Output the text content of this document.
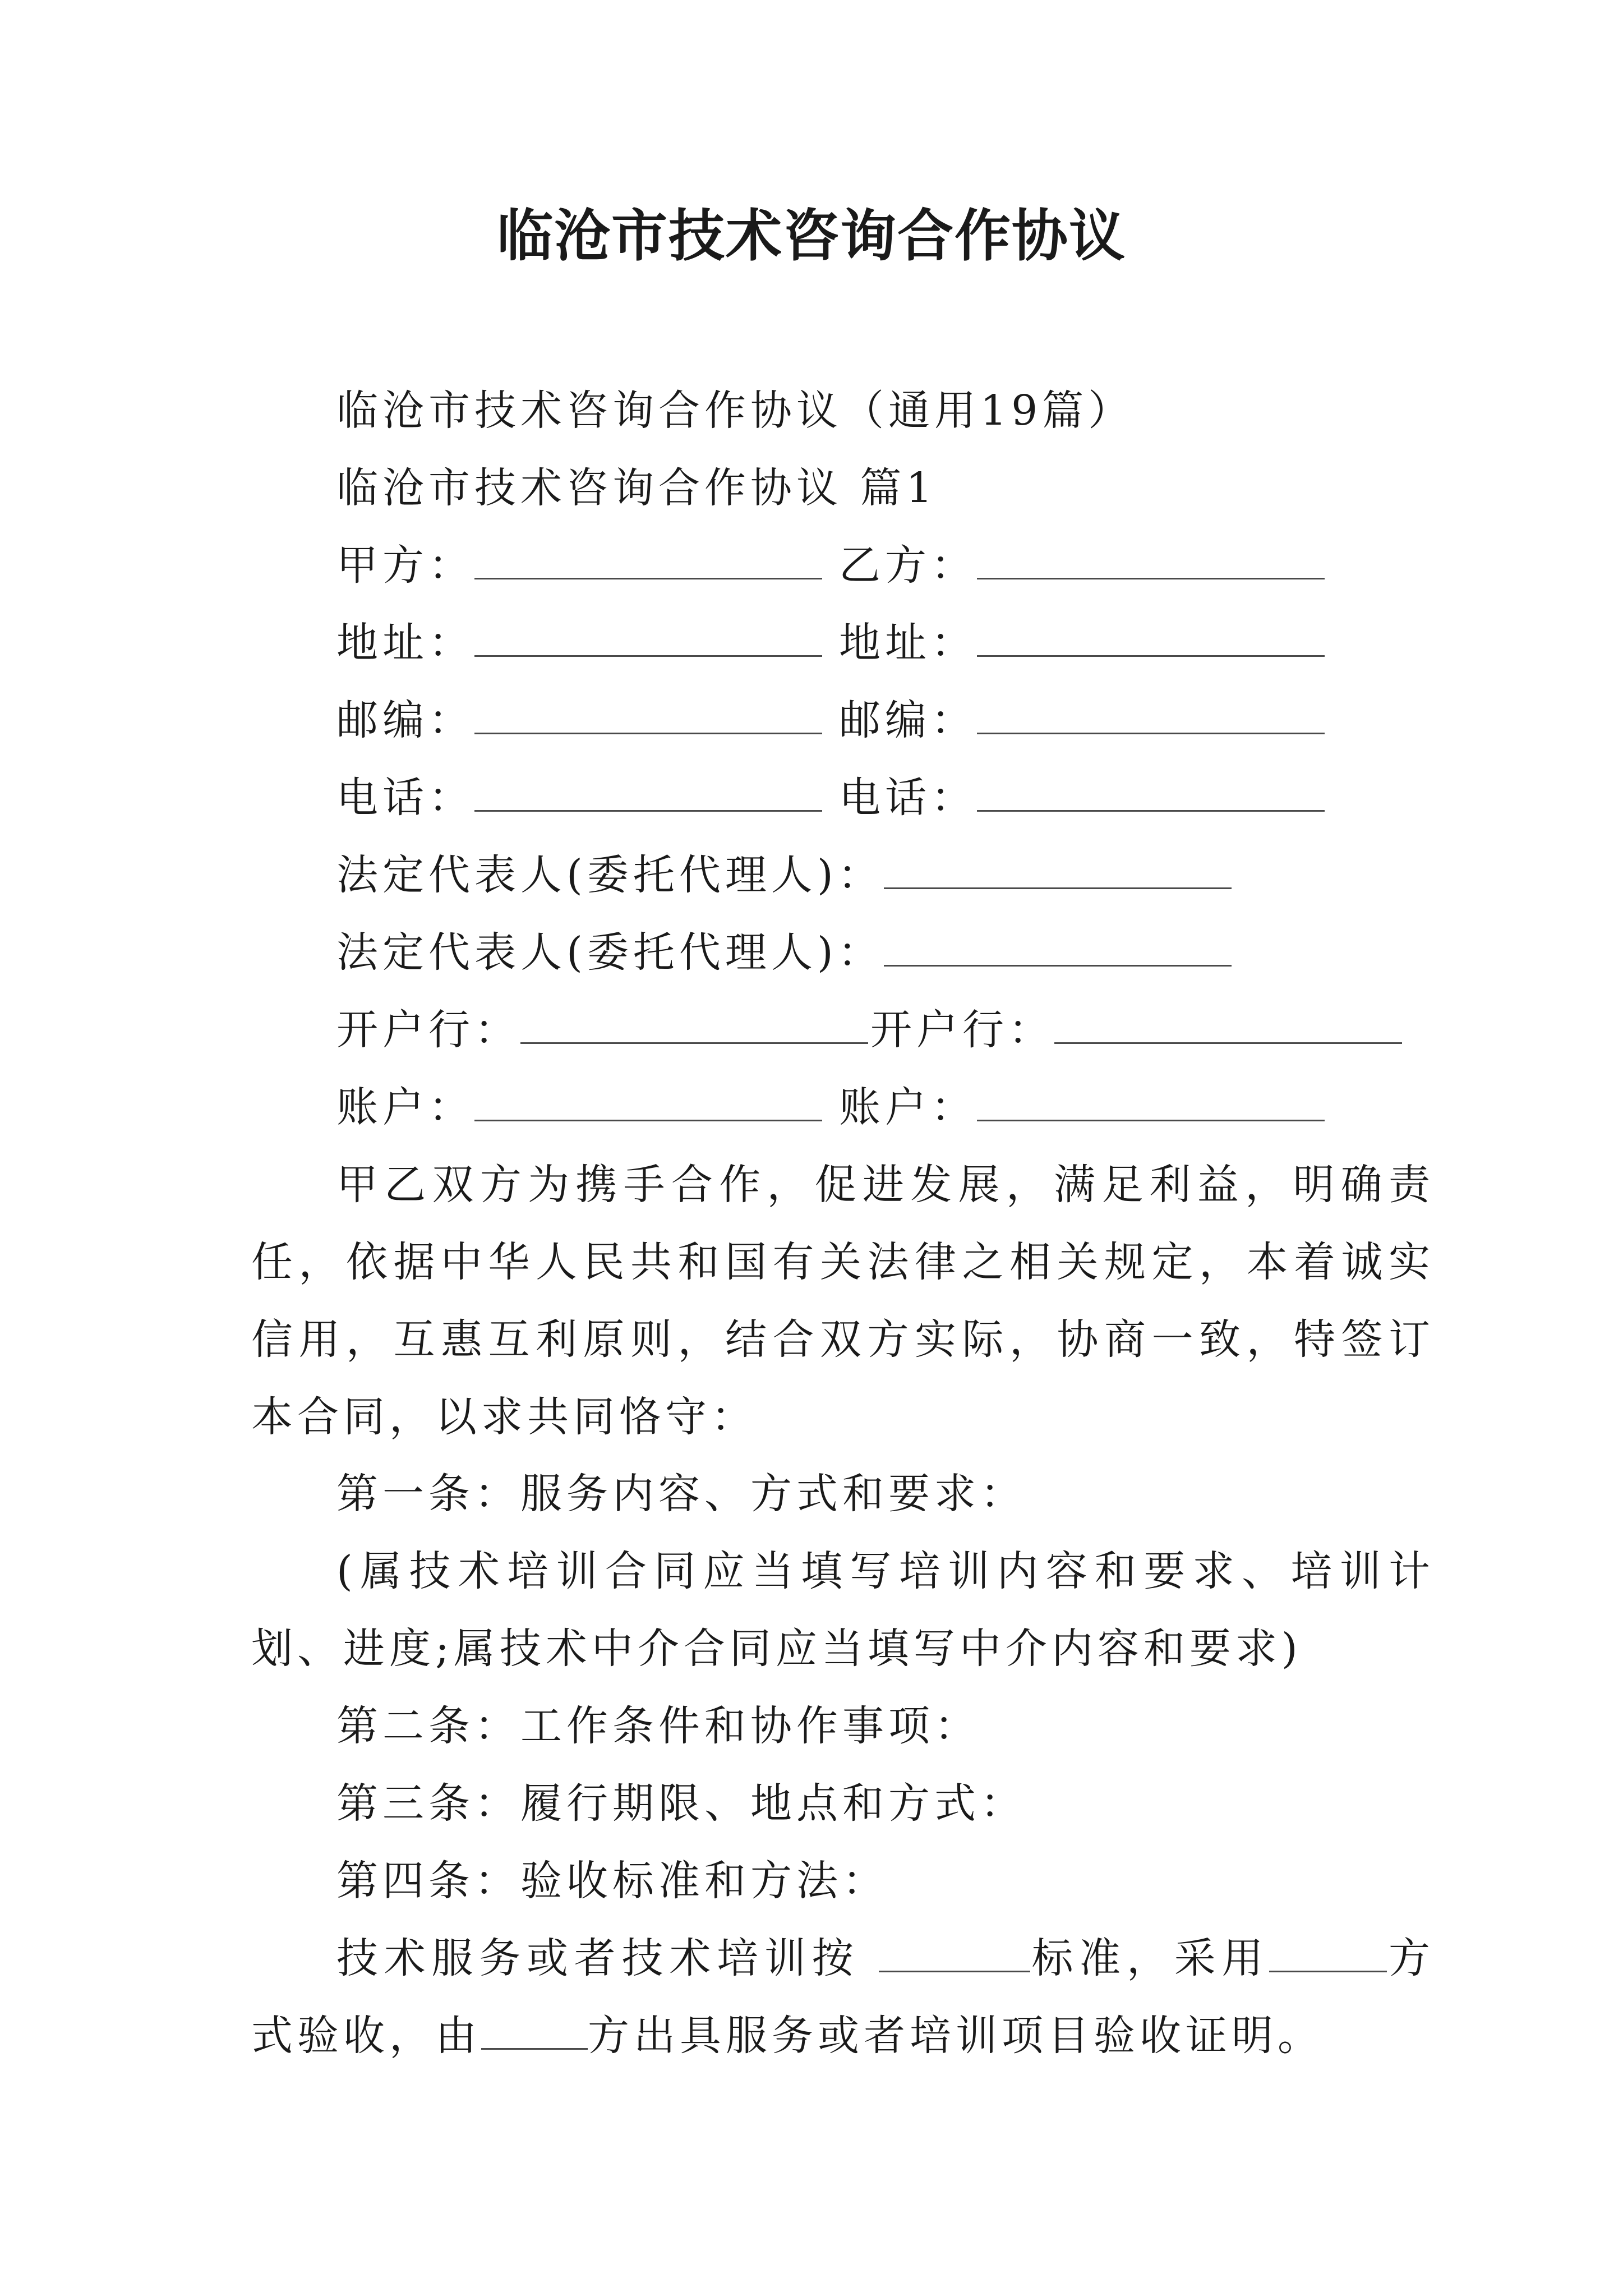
临沧市技术咨询合作协议
临沧市技术咨询合作协议（通用19篇）
临沧市技术咨询合作协议 篇1
甲方：	乙方：
地址：	地址：
邮编：	邮编：
电话：	电话：
法定代表人(委托代理人)：
法定代表人(委托代理人)：
开户行：	开户行：
账户：	账户：
甲乙双方为携手合作，促进发展，满足利益，明确责任，依据中华人民共和国有关法律之相关规定，本着诚实信用，互惠互利原则，结合双方实际，协商一致，特签订本合同，以求共同恪守：
第一条：服务内容、方式和要求：
(属技术培训合同应当填写培训内容和要求、培训计划、进度;属技术中介合同应当填写中介内容和要求)
第二条：工作条件和协作事项：
第三条：履行期限、地点和方式：
第四条：验收标准和方法：
技术服务或者技术培训按	标准，采用	方式验收，由	方出具服务或者培训项目验收证明。
